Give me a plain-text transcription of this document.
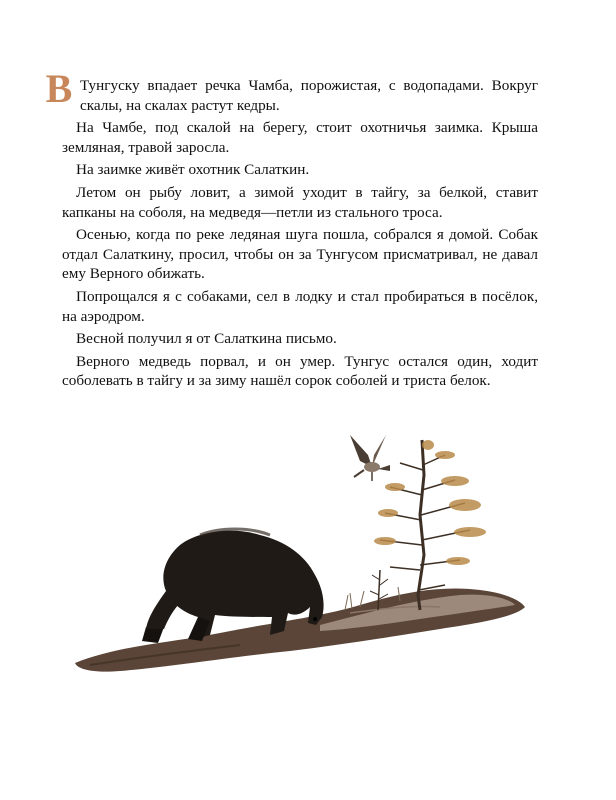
В Тунгуску впадает речка Чамба, порожистая, с водопадами. Вокруг скалы, на скалах растут кедры.

На Чамбе, под скалой на берегу, стоит охотничья заимка. Крыша земляная, травой заросла.

На заимке живёт охотник Салаткин.

Летом он рыбу ловит, а зимой уходит в тайгу, за белкой, ставит капканы на соболя, на медведя—петли из стального троса.

Осенью, когда по реке ледяная шуга пошла, собрался я домой. Собак отдал Салаткину, просил, чтобы он за Тунгусом присматривал, не давал ему Верного обижать.

Попрощался я с собаками, сел в лодку и стал пробираться в посёлок, на аэродром.

Весной получил я от Салаткина письмо.

Верного медведь порвал, и он умер. Тунгус остался один, ходит соболевать в тайгу и за зиму нашёл сорок соболей и триста белок.
